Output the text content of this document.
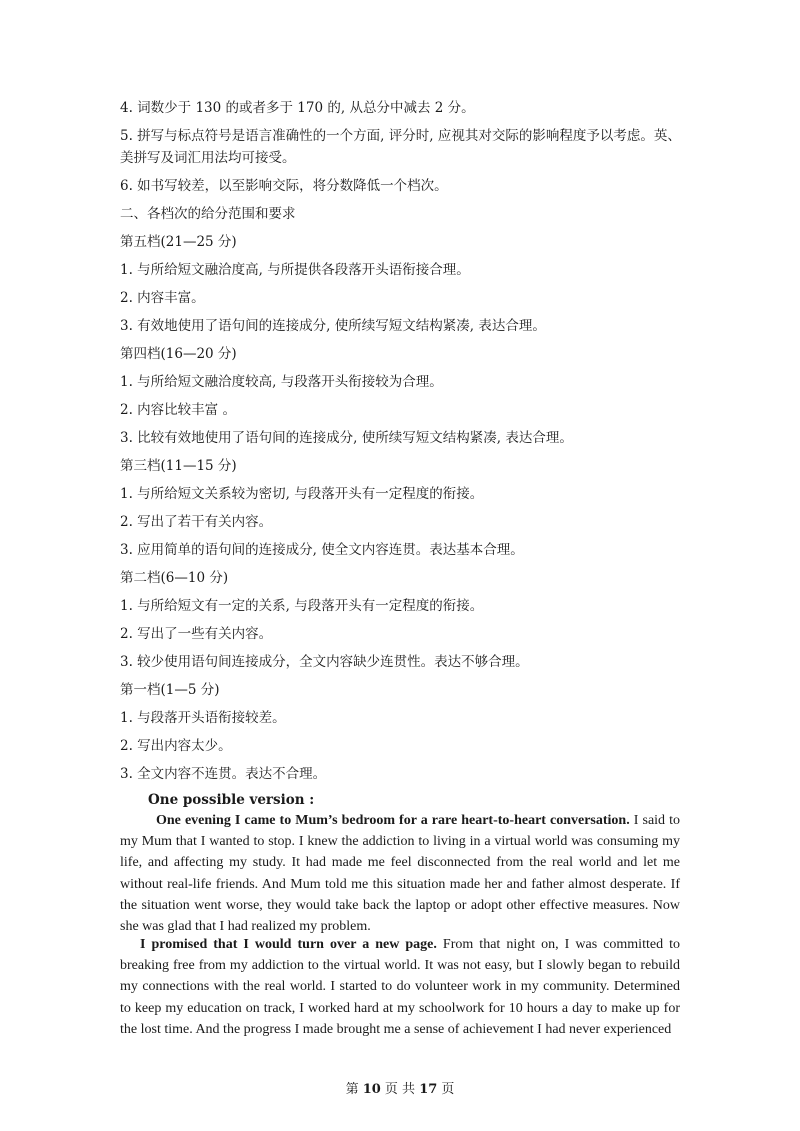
4. 词数少于 130 的或者多于 170 的, 从总分中减去 2 分。
5. 拼写与标点符号是语言准确性的一个方面, 评分时, 应视其对交际的影响程度予以考虑。英、
美拼写及词汇用法均可接受。
6. 如书写较差，以至影响交际，将分数降低一个档次。
二、各档次的给分范围和要求
第五档(21—25 分)
1. 与所给短文融洽度高, 与所提供各段落开头语衔接合理。
2. 内容丰富。
3. 有效地使用了语句间的连接成分, 使所续写短文结构紧凑, 表达合理。
第四档(16—20 分)
1. 与所给短文融洽度较高, 与段落开头衔接较为合理。
2. 内容比较丰富 。
3. 比较有效地使用了语句间的连接成分, 使所续写短文结构紧凑, 表达合理。
第三档(11—15 分)
1. 与所给短文关系较为密切, 与段落开头有一定程度的衔接。
2. 写出了若干有关内容。
3. 应用简单的语句间的连接成分, 使全文内容连贯。表达基本合理。
第二档(6—10 分)
1. 与所给短文有一定的关系, 与段落开头有一定程度的衔接。
2. 写出了一些有关内容。
3. 较少使用语句间连接成分，全文内容缺少连贯性。表达不够合理。
第一档(1—5 分)
1. 与段落开头语衔接较差。
2. 写出内容太少。
3. 全文内容不连贯。表达不合理。
One possible version :
One evening I came to Mum’s bedroom for a rare heart-to-heart conversation. I said to my Mum that I wanted to stop. I knew the addiction to living in a virtual world was consuming my life, and affecting my study. It had made me feel disconnected from the real world and let me without real-life friends. And Mum told me this situation made her and father almost desperate. If the situation went worse, they would take back the laptop or adopt other effective measures. Now she was glad that I had realized my problem.
I promised that I would turn over a new page. From that night on, I was committed to breaking free from my addiction to the virtual world. It was not easy, but I slowly began to rebuild my connections with the real world. I started to do volunteer work in my community. Determined to keep my education on track, I worked hard at my schoolwork for 10 hours a day to make up for the lost time. And the progress I made brought me a sense of achievement I had never experienced
第 10 页 共 17 页
